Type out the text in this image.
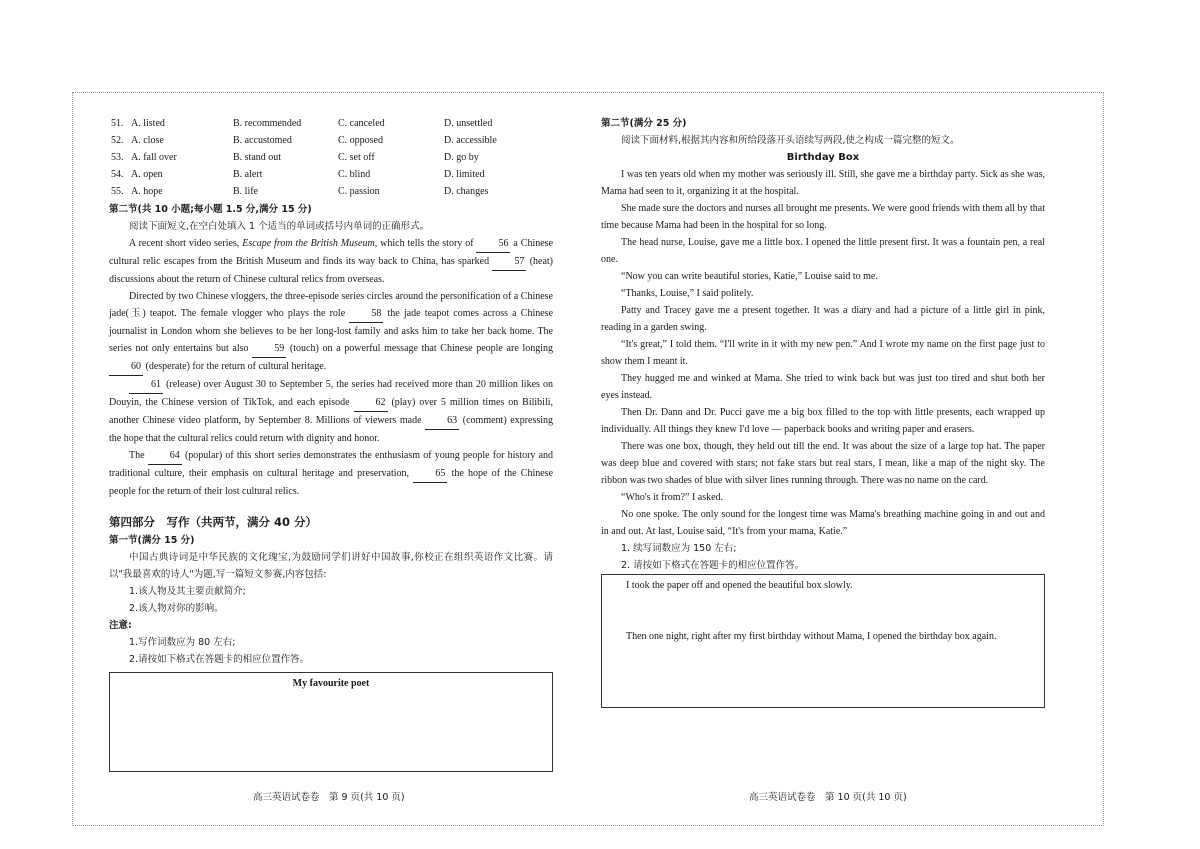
51. A. listed	B. recommended	C. canceled	D. unsettled
52. A. close	B. accustomed	C. opposed	D. accessible
53. A. fall over	B. stand out	C. set off	D. go by
54. A. open	B. alert	C. blind	D. limited
55. A. hope	B. life	C. passion	D. changes
第二节(共 10 小题;每小题 1.5 分,满分 15 分)

阅读下面短文,在空白处填入 1 个适当的单词或括号内单词的正确形式。

A recent short video series, Escape from the British Museum, which tells the story of 56 a Chinese cultural relic escapes from the British Museum and finds its way back to China, has sparked	57 (heat) discussions about the return of Chinese cultural relics from overseas.

Directed by two Chinese vloggers, the three-episode series circles around the personification of a Chinese jade(玉) teapot. The female vlogger who plays the role	58 the jade teapot comes across a Chinese journalist in London whom she believes to be her long-lost family and asks him to take her back home. The series not only entertains but also	59 (touch) on a powerful message that Chinese people are longing 60 (desperate) for the return of cultural heritage.

61 (release) over August 30 to September 5, the series had received more than 20 million likes on Douyin, the Chinese version of TikTok, and each episode	62 (play) over 5 million times on Bilibili, another Chinese video platform, by September 8. Millions of viewers made	63 (comment) expressing the hope that the cultural relics could return with dignity and honor.

The	64 (popular) of this short series demonstrates the enthusiasm of young people for history and traditional culture, their emphasis on cultural heritage and preservation,	65 the hope of the Chinese people for the return of their lost cultural relics.

第四部分　写作（共两节，满分 40 分）
第一节(满分 15 分)

中国古典诗词是中华民族的文化瑰宝,为鼓励同学们讲好中国故事,你校正在组织英语作文比赛。请以"我最喜欢的诗人"为题,写一篇短文参赛,内容包括:

1.该人物及其主要贡献简介;

2.该人物对你的影响。

注意:

1.写作词数应为 80 左右;

2.请按如下格式在答题卡的相应位置作答。

My favourite poet
高三英语试卷卷　第 9 页(共 10 页)
第二节(满分 25 分)

阅读下面材料,根据其内容和所给段落开头语续写两段,使之构成一篇完整的短文。

Birthday Box

I was ten years old when my mother was seriously ill. Still, she gave me a birthday party. Sick as she was, Mama had seen to it, organizing it at the hospital.

She made sure the doctors and nurses all brought me presents. We were good friends with them all by that time because Mama had been in the hospital for so long.

The head nurse, Louise, gave me a little box. I opened the little present first. It was a fountain pen, a real one.

“Now you can write beautiful stories, Katie,” Louise said to me.

“Thanks, Louise,” I said politely.

Patty and Tracey gave me a present together. It was a diary and had a picture of a little girl in pink, reading in a garden swing.

“It's great,” I told them. “I'll write in it with my new pen.” And I wrote my name on the first page just to show them I meant it.

They hugged me and winked at Mama. She tried to wink back but was just too tired and shut both her eyes instead.

Then Dr. Dann and Dr. Pucci gave me a big box filled to the top with little presents, each wrapped up individually. All things they knew I'd love — paperback books and writing paper and erasers.

There was one box, though, they held out till the end. It was about the size of a large top hat. The paper was deep blue and covered with stars; not fake stars but real stars, I mean, like a map of the night sky. The ribbon was two shades of blue with silver lines running through. There was no name on the card.

“Who's it from?” I asked.

No one spoke. The only sound for the longest time was Mama's breathing machine going in and out and in and out. At last, Louise said, “It's from your mama, Katie.”

1. 续写词数应为 150 左右;

2. 请按如下格式在答题卡的相应位置作答。

I took the paper off and opened the beautiful box slowly.

Then one night, right after my first birthday without Mama, I opened the birthday box again.

高三英语试卷卷　第 10 页(共 10 页)
